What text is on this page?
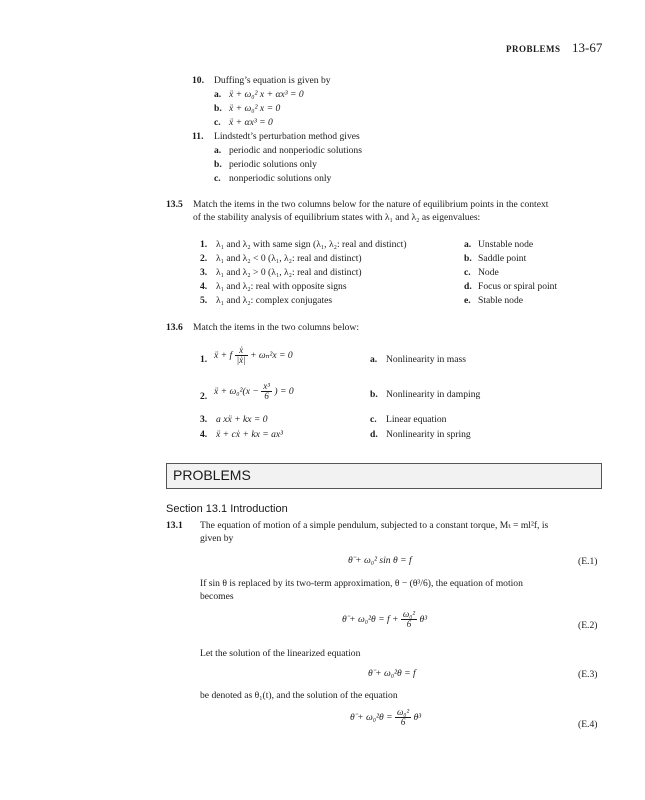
PROBLEMS 13-67
10. Duffing’s equation is given by
a. ẍ + ω₀² x + αx³ = 0
b. ẍ + ω₀² x = 0
c. ẍ + αx³ = 0
11. Lindstedt’s perturbation method gives
a. periodic and nonperiodic solutions
b. periodic solutions only
c. nonperiodic solutions only
13.5 Match the items in the two columns below for the nature of equilibrium points in the context
of the stability analysis of equilibrium states with λ₁ and λ₂ as eigenvalues:
1. λ₁ and λ₂ with same sign (λ₁, λ₂: real and distinct)
2. λ₁ and λ₂ < 0 (λ₁, λ₂: real and distinct)
3. λ₁ and λ₂ > 0 (λ₁, λ₂: real and distinct)
4. λ₁ and λ₂: real with opposite signs
5. λ₁ and λ₂: complex conjugates
a. Unstable node
b. Saddle point
c. Node
d. Focus or spiral point
e. Stable node
13.6 Match the items in the two columns below:
1. ẍ + f $\frac{\text{ẋ}}{\text{|ẋ|}} + \omega_n^2x = 0$
2. ẍ + $\omega_0^2(x - \frac{\text{x³}}{6}$ ) = 0
3. a xẍ + kx = 0
4. ẍ + cẋ + kx = ax³
a. Nonlinearity in mass
b. Nonlinearity in damping
c. Linear equation
d. Nonlinearity in spring
PROBLEMS
Section 13.1 Introduction
13.1 The equation of motion of a simple pendulum, subjected to a constant torque, Mₜ = ml²f, is
given by
θ̈ + ω₀² sin θ = f	(E.1)
If sin θ is replaced by its two-term approximation, θ − (θ³/6), the equation of motion
becomes
θ̈ + $\omega_0^2\theta = f + \frac{\text{ω₀²}}{6} \theta^3$
(E.2)
Let the solution of the linearized equation
θ̈ + ω₀²θ = f	(E.3)
be denoted as θ₁(t), and the solution of the equation
θ̈ + $\omega_0^2\theta = \frac{\text{ω₀²}}{6} \theta^3$
(E.4)
